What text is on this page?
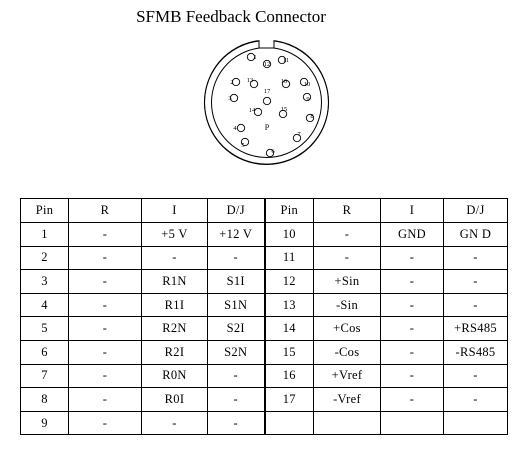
SFMB Feedback Connector
1
2
3
4
5
6
7
8
9
10
11
12
13
14	15
16
17
P
Pin	R	I	D/J	Pin	R	I	D/J
1	-	+5 V	+12 V	10	-	GND	GN D
2	-	-	-	11	-	-	-
3	-	R1N	S1I	12	+Sin	-	-
4	-	R1I	S1N	13	-Sin	-	-
5	-	R2N	S2I	14	+Cos	-	+RS485
6	-	R2I	S2N	15	-Cos	-	-RS485
7	-	R0N	-	16	+Vref	-	-
8	-	R0I	-	17	-Vref	-	-
9	-	-	-				
